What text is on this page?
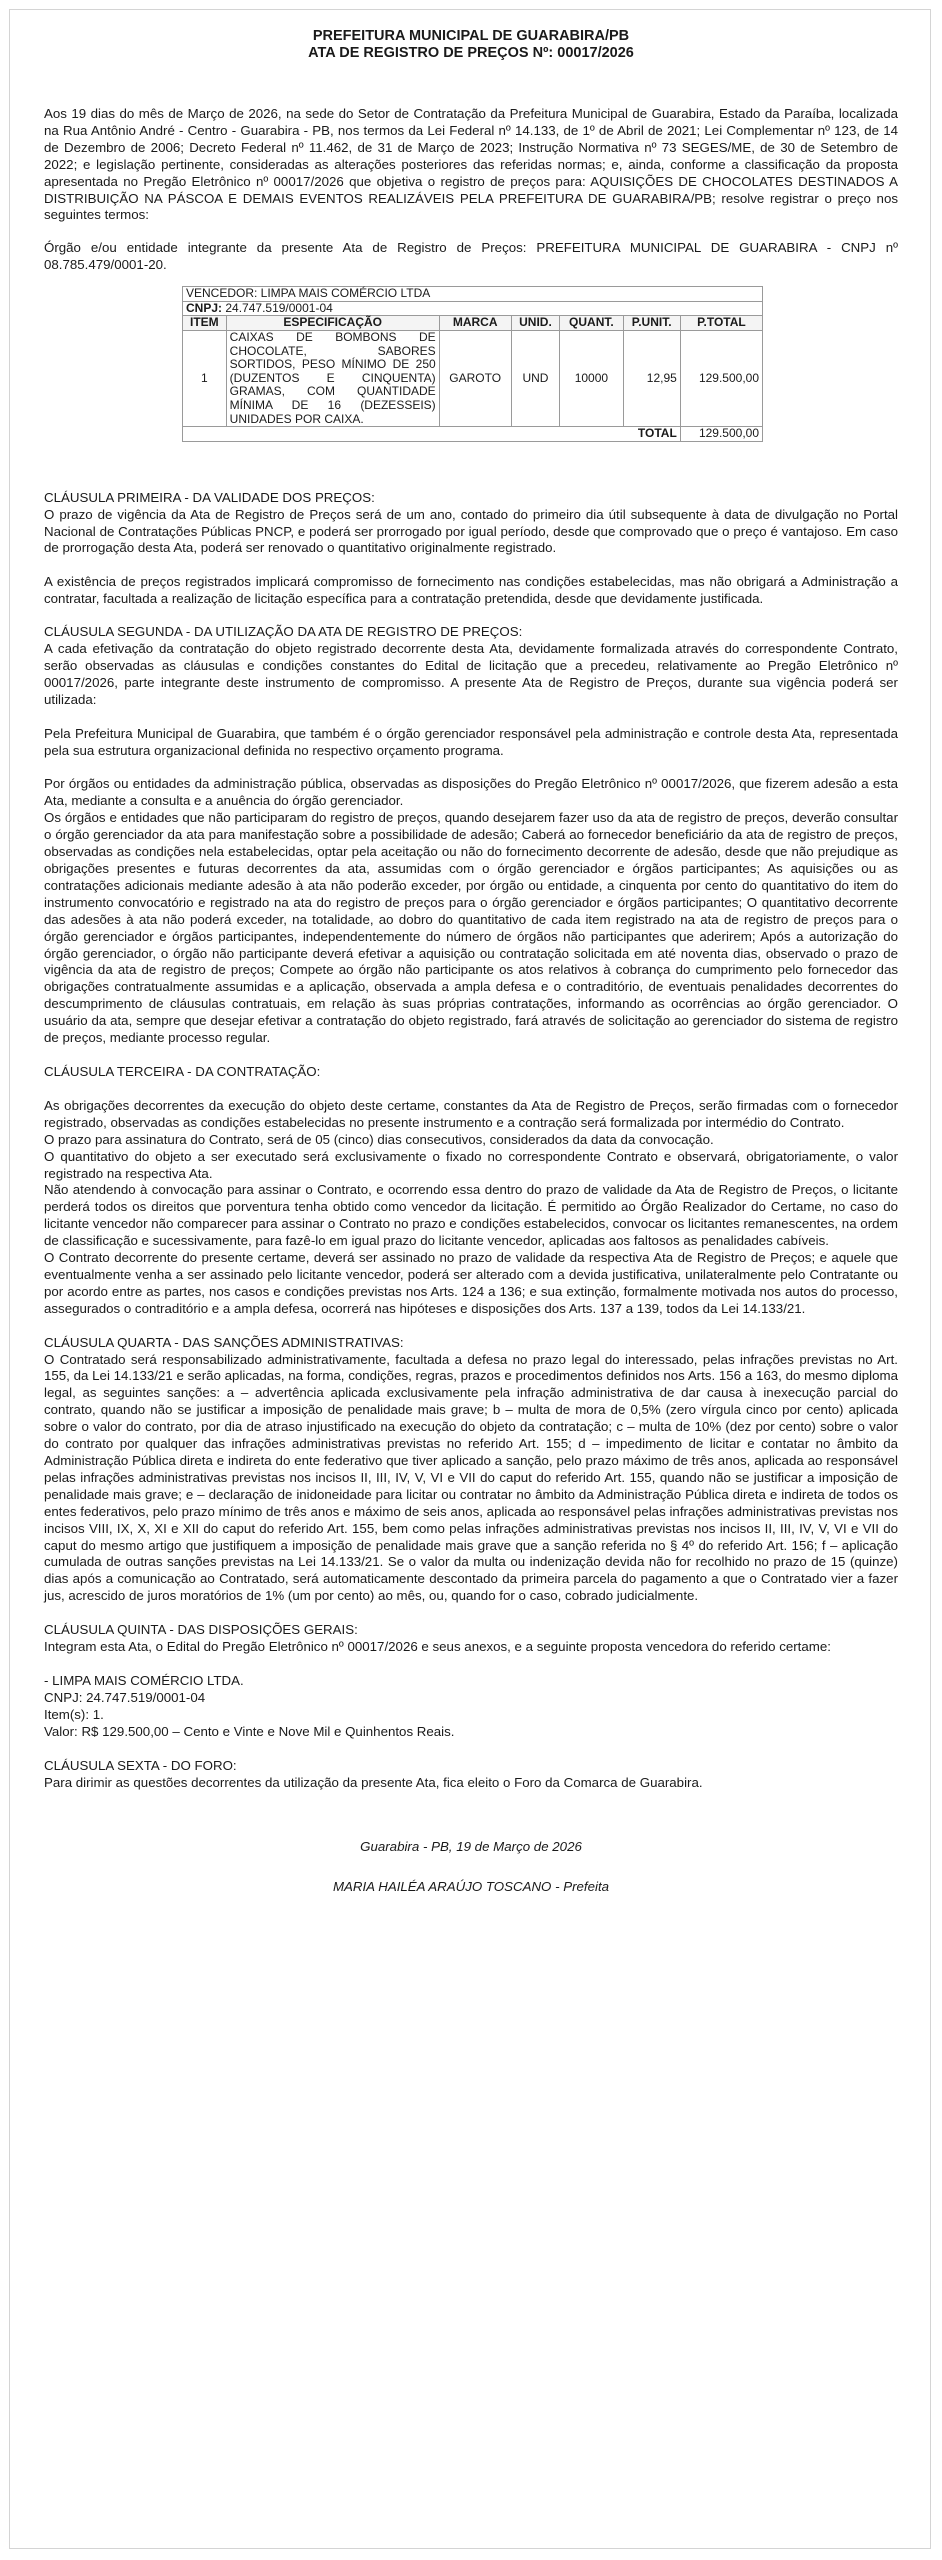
PREFEITURA MUNICIPAL DE GUARABIRA/PB
ATA DE REGISTRO DE PREÇOS Nº: 00017/2026

Aos 19 dias do mês de Março de 2026, na sede do Setor de Contratação da Prefeitura Municipal de Guarabira, Estado da Paraíba, localizada na Rua Antônio André - Centro - Guarabira - PB, nos termos da Lei Federal nº 14.133, de 1º de Abril de 2021; Lei Complementar nº 123, de 14 de Dezembro de 2006; Decreto Federal nº 11.462, de 31 de Março de 2023; Instrução Normativa nº 73 SEGES/ME, de 30 de Setembro de 2022; e legislação pertinente, consideradas as alterações posteriores das referidas normas; e, ainda, conforme a classificação da proposta apresentada no Pregão Eletrônico nº 00017/2026 que objetiva o registro de preços para: AQUISIÇÕES DE CHOCOLATES DESTINADOS A DISTRIBUIÇÃO NA PÁSCOA E DEMAIS EVENTOS REALIZÁVEIS PELA PREFEITURA DE GUARABIRA/PB; resolve registrar o preço nos seguintes termos:

Órgão e/ou entidade integrante da presente Ata de Registro de Preços: PREFEITURA MUNICIPAL DE GUARABIRA - CNPJ nº 08.785.479/0001-20.

VENCEDOR: LIMPA MAIS COMÉRCIO LTDA						
CNPJ: 24.747.519/0001-04						
ITEM	ESPECIFICAÇÃO	MARCA	UNID.	QUANT.	P.UNIT.	P.TOTAL
1	CAIXAS DE BOMBONS DE CHOCOLATE, SABORES SORTIDOS, PESO MÍNIMO DE 250 (DUZENTOS E CINQUENTA) GRAMAS, COM QUANTIDADE MÍNIMA DE 16 (DEZESSEIS) UNIDADES POR CAIXA.	GAROTO	UND	10000	12,95	129.500,00
TOTAL						129.500,00

CLÁUSULA PRIMEIRA - DA VALIDADE DOS PREÇOS:

O prazo de vigência da Ata de Registro de Preços será de um ano, contado do primeiro dia útil subsequente à data de divulgação no Portal Nacional de Contratações Públicas PNCP, e poderá ser prorrogado por igual período, desde que comprovado que o preço é vantajoso. Em caso de prorrogação desta Ata, poderá ser renovado o quantitativo originalmente registrado.

A existência de preços registrados implicará compromisso de fornecimento nas condições estabelecidas, mas não obrigará a Administração a contratar, facultada a realização de licitação específica para a contratação pretendida, desde que devidamente justificada.

CLÁUSULA SEGUNDA - DA UTILIZAÇÃO DA ATA DE REGISTRO DE PREÇOS:

A cada efetivação da contratação do objeto registrado decorrente desta Ata, devidamente formalizada através do correspondente Contrato, serão observadas as cláusulas e condições constantes do Edital de licitação que a precedeu, relativamente ao Pregão Eletrônico nº 00017/2026, parte integrante deste instrumento de compromisso. A presente Ata de Registro de Preços, durante sua vigência poderá ser utilizada:

Pela Prefeitura Municipal de Guarabira, que também é o órgão gerenciador responsável pela administração e controle desta Ata, representada pela sua estrutura organizacional definida no respectivo orçamento programa.

Por órgãos ou entidades da administração pública, observadas as disposições do Pregão Eletrônico nº 00017/2026, que fizerem adesão a esta Ata, mediante a consulta e a anuência do órgão gerenciador.

Os órgãos e entidades que não participaram do registro de preços, quando desejarem fazer uso da ata de registro de preços, deverão consultar o órgão gerenciador da ata para manifestação sobre a possibilidade de adesão; Caberá ao fornecedor beneficiário da ata de registro de preços, observadas as condições nela estabelecidas, optar pela aceitação ou não do fornecimento decorrente de adesão, desde que não prejudique as obrigações presentes e futuras decorrentes da ata, assumidas com o órgão gerenciador e órgãos participantes; As aquisições ou as contratações adicionais mediante adesão à ata não poderão exceder, por órgão ou entidade, a cinquenta por cento do quantitativo do item do instrumento convocatório e registrado na ata do registro de preços para o órgão gerenciador e órgãos participantes; O quantitativo decorrente das adesões à ata não poderá exceder, na totalidade, ao dobro do quantitativo de cada item registrado na ata de registro de preços para o órgão gerenciador e órgãos participantes, independentemente do número de órgãos não participantes que aderirem; Após a autorização do órgão gerenciador, o órgão não participante deverá efetivar a aquisição ou contratação solicitada em até noventa dias, observado o prazo de vigência da ata de registro de preços; Compete ao órgão não participante os atos relativos à cobrança do cumprimento pelo fornecedor das obrigações contratualmente assumidas e a aplicação, observada a ampla defesa e o contraditório, de eventuais penalidades decorrentes do descumprimento de cláusulas contratuais, em relação às suas próprias contratações, informando as ocorrências ao órgão gerenciador. O usuário da ata, sempre que desejar efetivar a contratação do objeto registrado, fará através de solicitação ao gerenciador do sistema de registro de preços, mediante processo regular.

CLÁUSULA TERCEIRA - DA CONTRATAÇÃO:

As obrigações decorrentes da execução do objeto deste certame, constantes da Ata de Registro de Preços, serão firmadas com o fornecedor registrado, observadas as condições estabelecidas no presente instrumento e a contração será formalizada por intermédio do Contrato.

O prazo para assinatura do Contrato, será de 05 (cinco) dias consecutivos, considerados da data da convocação.

O quantitativo do objeto a ser executado será exclusivamente o fixado no correspondente Contrato e observará, obrigatoriamente, o valor registrado na respectiva Ata.

Não atendendo à convocação para assinar o Contrato, e ocorrendo essa dentro do prazo de validade da Ata de Registro de Preços, o licitante perderá todos os direitos que porventura tenha obtido como vencedor da licitação. É permitido ao Órgão Realizador do Certame, no caso do licitante vencedor não comparecer para assinar o Contrato no prazo e condições estabelecidos, convocar os licitantes remanescentes, na ordem de classificação e sucessivamente, para fazê-lo em igual prazo do licitante vencedor, aplicadas aos faltosos as penalidades cabíveis.

O Contrato decorrente do presente certame, deverá ser assinado no prazo de validade da respectiva Ata de Registro de Preços; e aquele que eventualmente venha a ser assinado pelo licitante vencedor, poderá ser alterado com a devida justificativa, unilateralmente pelo Contratante ou por acordo entre as partes, nos casos e condições previstas nos Arts. 124 a 136; e sua extinção, formalmente motivada nos autos do processo, assegurados o contraditório e a ampla defesa, ocorrerá nas hipóteses e disposições dos Arts. 137 a 139, todos da Lei 14.133/21.

CLÁUSULA QUARTA - DAS SANÇÕES ADMINISTRATIVAS:

O Contratado será responsabilizado administrativamente, facultada a defesa no prazo legal do interessado, pelas infrações previstas no Art. 155, da Lei 14.133/21 e serão aplicadas, na forma, condições, regras, prazos e procedimentos definidos nos Arts. 156 a 163, do mesmo diploma legal, as seguintes sanções: a – advertência aplicada exclusivamente pela infração administrativa de dar causa à inexecução parcial do contrato, quando não se justificar a imposição de penalidade mais grave; b – multa de mora de 0,5% (zero vírgula cinco por cento) aplicada sobre o valor do contrato, por dia de atraso injustificado na execução do objeto da contratação; c – multa de 10% (dez por cento) sobre o valor do contrato por qualquer das infrações administrativas previstas no referido Art. 155; d – impedimento de licitar e contatar no âmbito da Administração Pública direta e indireta do ente federativo que tiver aplicado a sanção, pelo prazo máximo de três anos, aplicada ao responsável pelas infrações administrativas previstas nos incisos II, III, IV, V, VI e VII do caput do referido Art. 155, quando não se justificar a imposição de penalidade mais grave; e – declaração de inidoneidade para licitar ou contratar no âmbito da Administração Pública direta e indireta de todos os entes federativos, pelo prazo mínimo de três anos e máximo de seis anos, aplicada ao responsável pelas infrações administrativas previstas nos incisos VIII, IX, X, XI e XII do caput do referido Art. 155, bem como pelas infrações administrativas previstas nos incisos II, III, IV, V, VI e VII do caput do mesmo artigo que justifiquem a imposição de penalidade mais grave que a sanção referida no § 4º do referido Art. 156; f – aplicação cumulada de outras sanções previstas na Lei 14.133/21. Se o valor da multa ou indenização devida não for recolhido no prazo de 15 (quinze) dias após a comunicação ao Contratado, será automaticamente descontado da primeira parcela do pagamento a que o Contratado vier a fazer jus, acrescido de juros moratórios de 1% (um por cento) ao mês, ou, quando for o caso, cobrado judicialmente.

CLÁUSULA QUINTA - DAS DISPOSIÇÕES GERAIS:

Integram esta Ata, o Edital do Pregão Eletrônico nº 00017/2026 e seus anexos, e a seguinte proposta vencedora do referido certame:

- LIMPA MAIS COMÉRCIO LTDA.
CNPJ: 24.747.519/0001-04
Item(s): 1.
Valor: R$ 129.500,00 – Cento e Vinte e Nove Mil e Quinhentos Reais.

CLÁUSULA SEXTA - DO FORO:

Para dirimir as questões decorrentes da utilização da presente Ata, fica eleito o Foro da Comarca de Guarabira.

Guarabira - PB, 19 de Março de 2026
MARIA HAILÉA ARAÚJO TOSCANO - Prefeita
